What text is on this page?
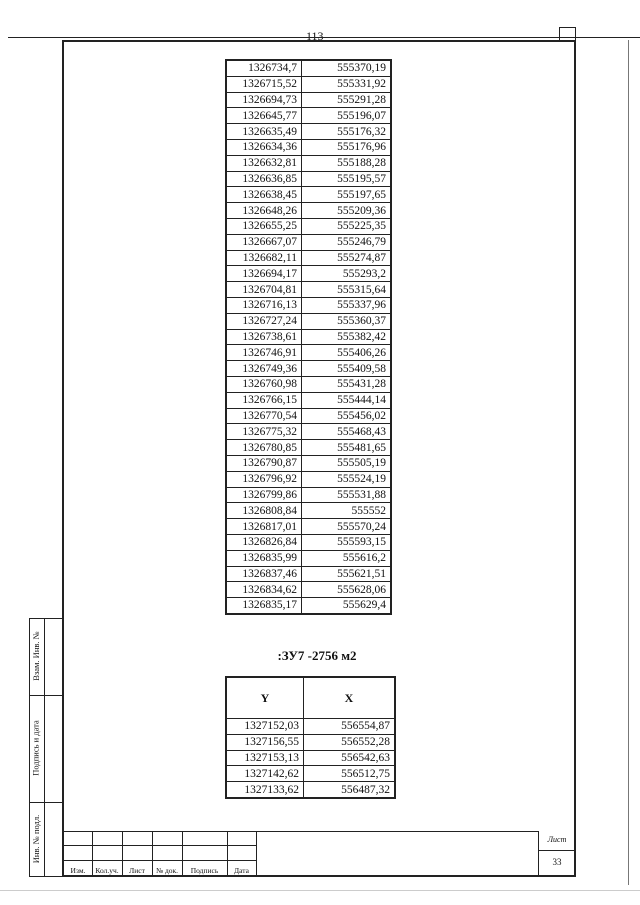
113
1326734,7	555370,19
1326715,52	555331,92
1326694,73	555291,28
1326645,77	555196,07
1326635,49	555176,32
1326634,36	555176,96
1326632,81	555188,28
1326636,85	555195,57
1326638,45	555197,65
1326648,26	555209,36
1326655,25	555225,35
1326667,07	555246,79
1326682,11	555274,87
1326694,17	555293,2
1326704,81	555315,64
1326716,13	555337,96
1326727,24	555360,37
1326738,61	555382,42
1326746,91	555406,26
1326749,36	555409,58
1326760,98	555431,28
1326766,15	555444,14
1326770,54	555456,02
1326775,32	555468,43
1326780,85	555481,65
1326790,87	555505,19
1326796,92	555524,19
1326799,86	555531,88
1326808,84	555552
1326817,01	555570,24
1326826,84	555593,15
1326835,99	555616,2
1326837,46	555621,51
1326834,62	555628,06
1326835,17	555629,4
:ЗУ7 -2756 м2
Y	X
1327152,03	556554,87
1327156,55	556552,28
1327153,13	556542,63
1327142,62	556512,75
1327133,62	556487,32
Взам. Инв. №
Подпись и дата
Инв. № подл.
Изм.	Кол.уч.	Лист	№ док.	Подпись	Дата
Лист
33
